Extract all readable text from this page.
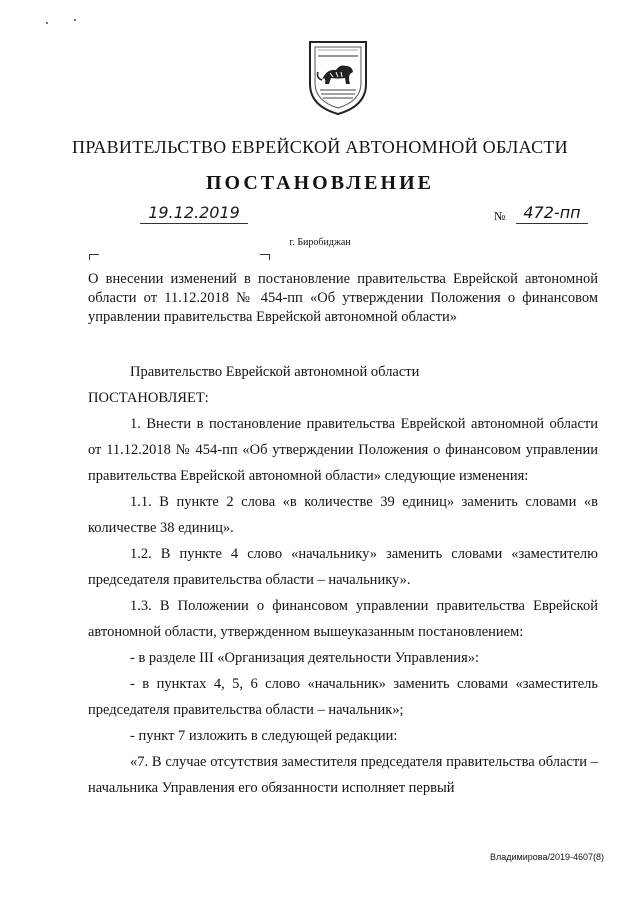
ПРАВИТЕЛЬСТВО ЕВРЕЙСКОЙ АВТОНОМНОЙ ОБЛАСТИ
ПОСТАНОВЛЕНИЕ
19.12.2019	№	472-пп
г. Биробиджан
О внесении изменений в постановление правительства Еврейской автономной области от 11.12.2018 № 454-пп «Об утверждении Положения о финансовом управлении правительства Еврейской автономной области»

Правительство Еврейской автономной области

ПОСТАНОВЛЯЕТ:

1. Внести в постановление правительства Еврейской автономной области от 11.12.2018 № 454-пп «Об утверждении Положения о финансовом управлении правительства Еврейской автономной области» следующие изменения:

1.1. В пункте 2 слова «в количестве 39 единиц» заменить словами «в количестве 38 единиц».

1.2. В пункте 4 слово «начальнику» заменить словами «заместителю председателя правительства области – начальнику».

1.3. В Положении о финансовом управлении правительства Еврейской автономной области, утвержденном вышеуказанным постановлением:

- в разделе III «Организация деятельности Управления»:

- в пунктах 4, 5, 6 слово «начальник» заменить словами «заместитель председателя правительства области – начальник»;

- пункт 7 изложить в следующей редакции:

«7. В случае отсутствия заместителя председателя правительства области – начальника Управления его обязанности исполняет первый

Владимирова/2019-4607(8)
